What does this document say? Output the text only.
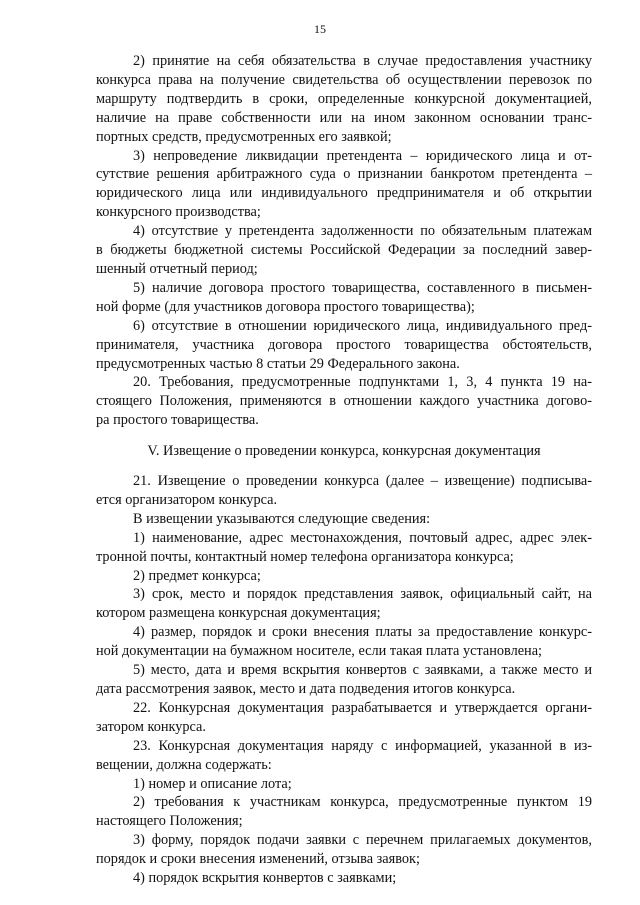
15
2) принятие на себя обязательства в случае предоставления участнику
конкурса права на получение свидетельства об осуществлении перевозок по
маршруту подтвердить в сроки, определенные конкурсной документацией,
наличие на праве собственности или на ином законном основании транс-
портных средств, предусмотренных его заявкой;
3) непроведение ликвидации претендента – юридического лица и от-
сутствие решения арбитражного суда о признании банкротом претендента –
юридического лица или индивидуального предпринимателя и об открытии
конкурсного производства;
4) отсутствие у претендента задолженности по обязательным платежам
в бюджеты бюджетной системы Российской Федерации за последний завер-
шенный отчетный период;
5) наличие договора простого товарищества, составленного в письмен-
ной форме (для участников договора простого товарищества);
6) отсутствие в отношении юридического лица, индивидуального пред-
принимателя, участника договора простого товарищества обстоятельств,
предусмотренных частью 8 статьи 29 Федерального закона.
20. Требования, предусмотренные подпунктами 1, 3, 4 пункта 19 на-
стоящего Положения, применяются в отношении каждого участника догово-
ра простого товарищества.
V. Извещение о проведении конкурса, конкурсная документация
21. Извещение о проведении конкурса (далее – извещение) подписыва-
ется организатором конкурса.
В извещении указываются следующие сведения:
1) наименование, адрес местонахождения, почтовый адрес, адрес элек-
тронной почты, контактный номер телефона организатора конкурса;
2) предмет конкурса;
3) срок, место и порядок представления заявок, официальный сайт, на
котором размещена конкурсная документация;
4) размер, порядок и сроки внесения платы за предоставление конкурс-
ной документации на бумажном носителе, если такая плата установлена;
5) место, дата и время вскрытия конвертов с заявками, а также место и
дата рассмотрения заявок, место и дата подведения итогов конкурса.
22. Конкурсная документация разрабатывается и утверждается органи-
затором конкурса.
23. Конкурсная документация наряду с информацией, указанной в из-
вещении, должна содержать:
1) номер и описание лота;
2) требования к участникам конкурса, предусмотренные пунктом 19
настоящего Положения;
3) форму, порядок подачи заявки с перечнем прилагаемых документов,
порядок и сроки внесения изменений, отзыва заявок;
4) порядок вскрытия конвертов с заявками;
